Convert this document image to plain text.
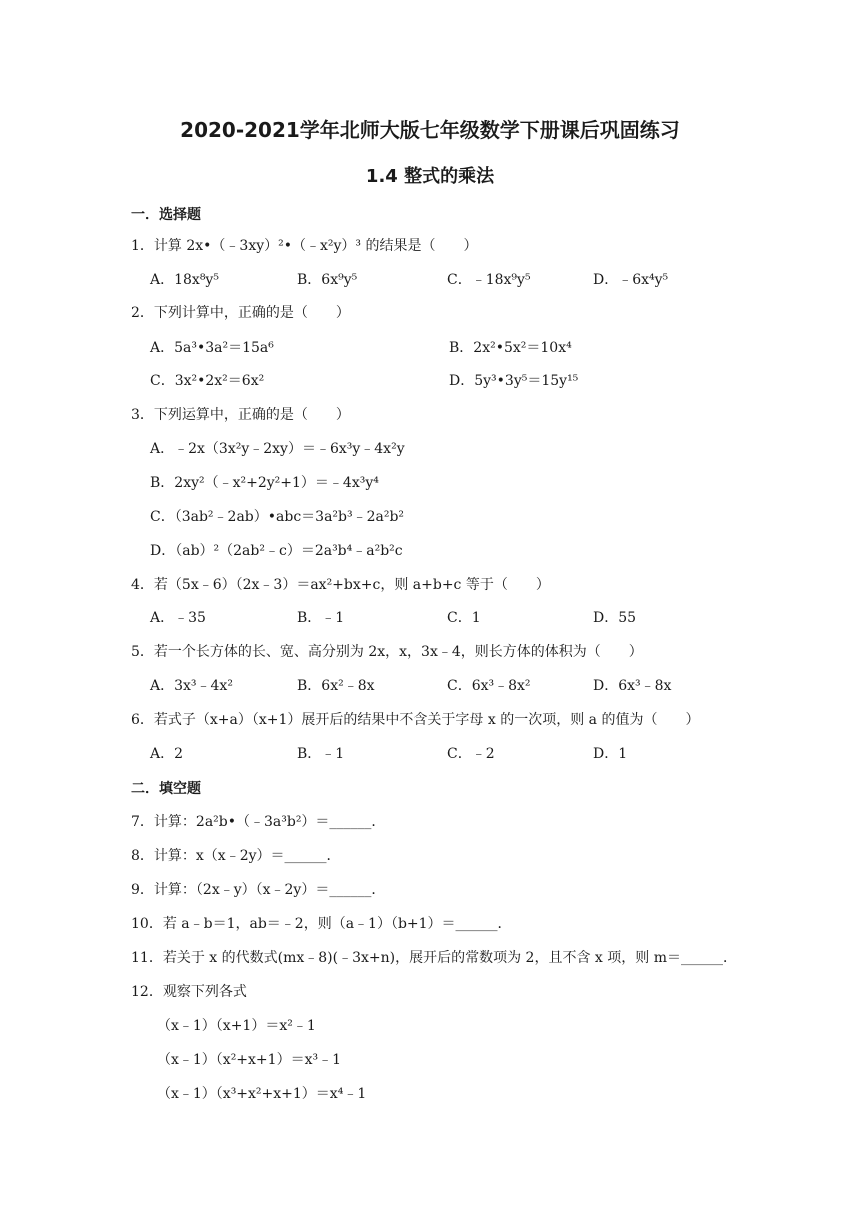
2020-2021学年北师大版七年级数学下册课后巩固练习
1.4 整式的乘法
一．选择题
1．计算 2x•（﹣3xy）²•（﹣x²y）³ 的结果是（　　）
A．18x⁸y⁵	B．6x⁹y⁵	C．﹣18x⁹y⁵	D．﹣6x⁴y⁵
2．下列计算中，正确的是（　　）
A．5a³•3a²＝15a⁶	B．2x²•5x²＝10x⁴
C．3x²•2x²＝6x²	D．5y³•3y⁵＝15y¹⁵
3．下列运算中，正确的是（　　）
A．﹣2x（3x²y﹣2xy）＝﹣6x³y﹣4x²y
B．2xy²（﹣x²+2y²+1）＝﹣4x³y⁴
C．（3ab²﹣2ab）•abc＝3a²b³﹣2a²b²
D．（ab）²（2ab²﹣c）＝2a³b⁴﹣a²b²c
4．若（5x﹣6）（2x﹣3）＝ax²+bx+c，则 a+b+c 等于（　　）
A．﹣35	B．﹣1	C．1	D．55
5．若一个长方体的长、宽、高分别为 2x，x，3x﹣4，则长方体的体积为（　　）
A．3x³﹣4x²	B．6x²﹣8x	C．6x³﹣8x²	D．6x³﹣8x
6．若式子（x+a）（x+1）展开后的结果中不含关于字母 x 的一次项，则 a 的值为（　　）
A．2	B．﹣1	C．﹣2	D．1
二．填空题
7．计算：2a²b•（﹣3a³b²）＝______．
8．计算：x（x﹣2y）＝______．
9．计算：（2x﹣y）（x﹣2y）＝______．
10．若 a﹣b＝1，ab＝﹣2，则（a﹣1）（b+1）＝______．
11．若关于 x 的代数式(mx﹣8)(﹣3x+n)，展开后的常数项为 2，且不含 x 项，则 m＝______．
12．观察下列各式
（x﹣1）（x+1）＝x²﹣1
（x﹣1）（x²+x+1）＝x³﹣1
（x﹣1）（x³+x²+x+1）＝x⁴﹣1
